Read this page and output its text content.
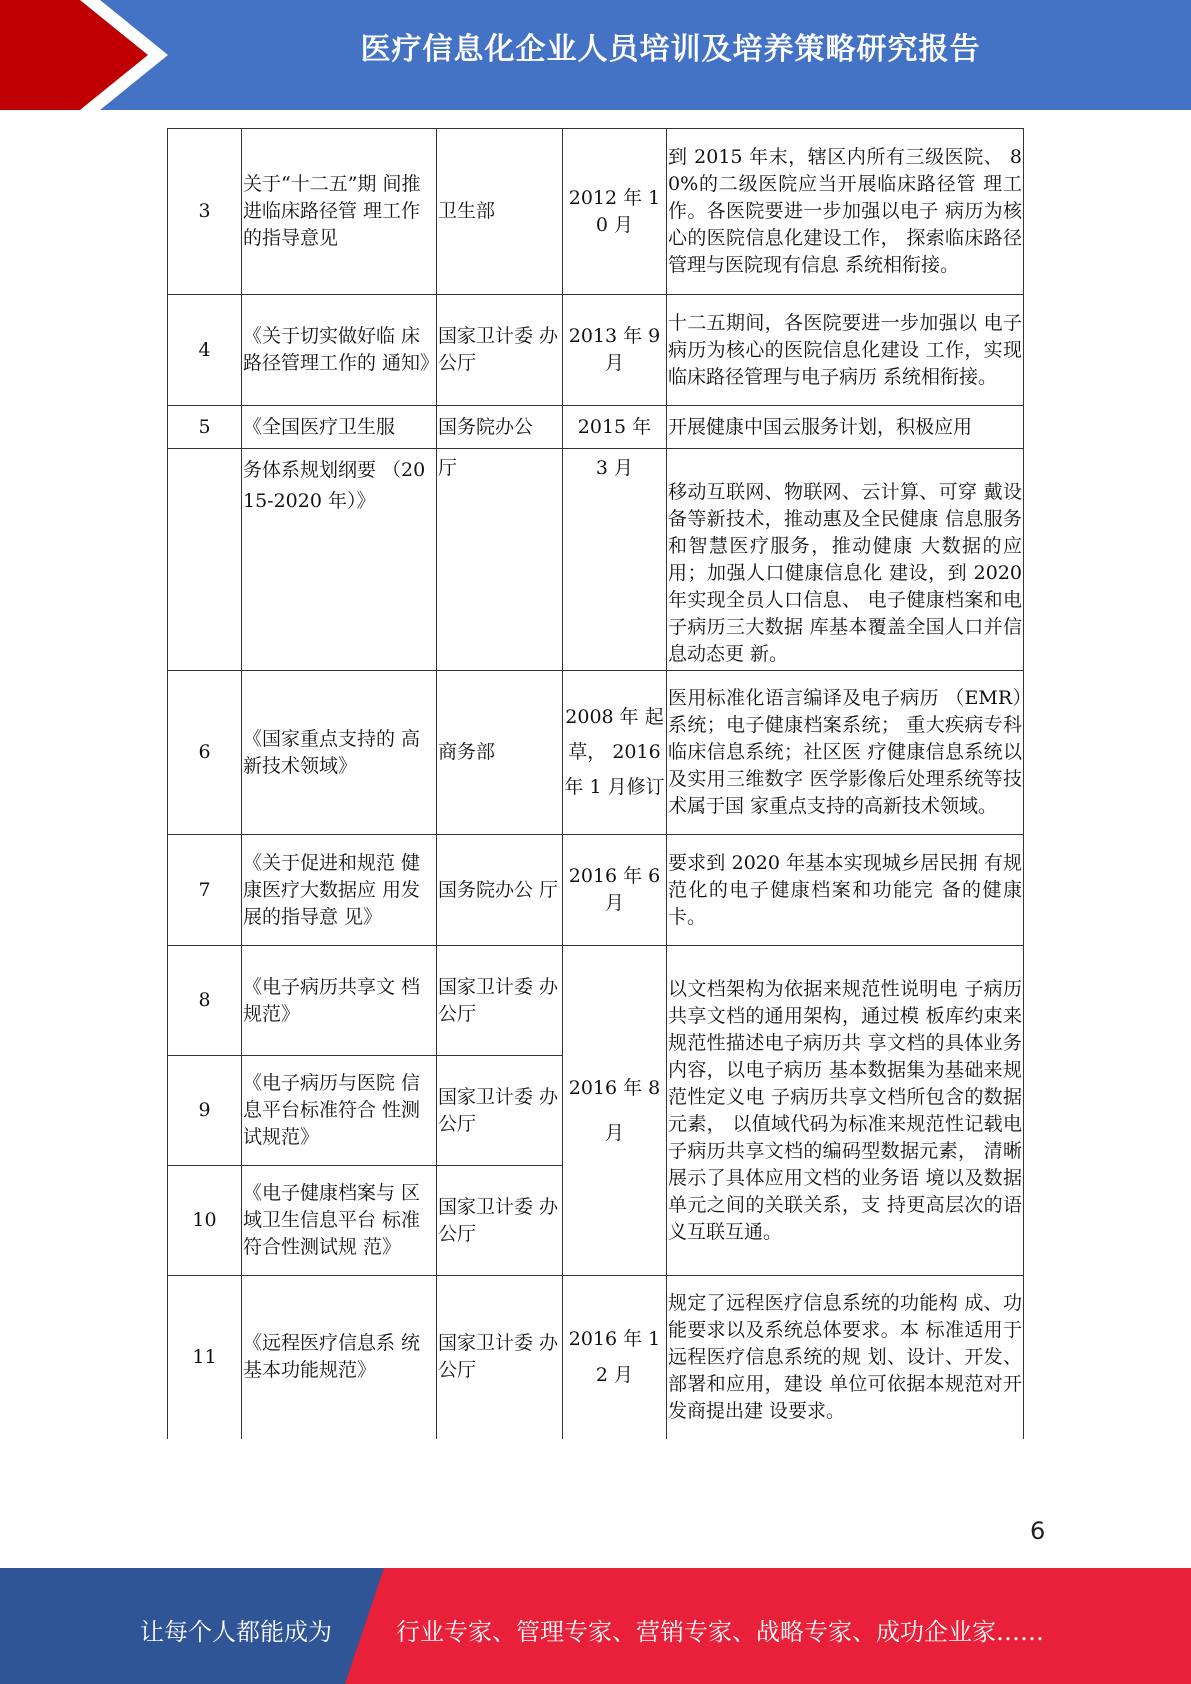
医疗信息化企业人员培训及培养策略研究报告
3	关于“十二五”期 间推进临床路径管 理工作的指导意见	卫生部	2012 年 10 月	到 2015 年末，辖区内所有三级医院、 80%的二级医院应当开展临床路径管 理工作。各医院要进一步加强以电子 病历为核心的医院信息化建设工作， 探索临床路径管理与医院现有信息 系统相衔接。
4	《关于切实做好临 床路径管理工作的 通知》	国家卫计委 办公厅	2013 年 9 月	十二五期间，各医院要进一步加强以 电子病历为核心的医院信息化建设 工作，实现临床路径管理与电子病历 系统相衔接。
5	《全国医疗卫生服	国务院办公	2015 年	开展健康中国云服务计划，积极应用
	务体系规划纲要 （2015-2020 年）》	厅	3 月	移动互联网、物联网、云计算、可穿 戴设备等新技术，推动惠及全民健康 信息服务和智慧医疗服务，推动健康 大数据的应用；加强人口健康信息化 建设，到 2020 年实现全员人口信息、 电子健康档案和电子病历三大数据 库基本覆盖全国人口并信息动态更 新。
6	《国家重点支持的 高新技术领域》	商务部	2008 年 起草， 2016 年 1 月修订	医用标准化语言编译及电子病历 （EMR）系统；电子健康档案系统； 重大疾病专科临床信息系统；社区医 疗健康信息系统以及实用三维数字 医学影像后处理系统等技术属于国 家重点支持的高新技术领域。
7	《关于促进和规范 健康医疗大数据应 用发展的指导意 见》	国务院办公 厅	2016 年 6 月	要求到 2020 年基本实现城乡居民拥 有规范化的电子健康档案和功能完 备的健康卡。
8	《电子病历共享文 档规范》	国家卫计委 办公厅	2016 年 8 月	以文档架构为依据来规范性说明电 子病历共享文档的通用架构，通过模 板库约束来规范性描述电子病历共 享文档的具体业务内容，以电子病历 基本数据集为基础来规范性定义电 子病历共享文档所包含的数据元素， 以值域代码为标准来规范性记载电 子病历共享文档的编码型数据元素， 清晰展示了具体应用文档的业务语 境以及数据单元之间的关联关系，支 持更高层次的语义互联互通。
9	《电子病历与医院 信息平台标准符合 性测试规范》	国家卫计委 办公厅		
10	《电子健康档案与 区域卫生信息平台 标准符合性测试规 范》	国家卫计委 办公厅		
11	《远程医疗信息系 统基本功能规范》	国家卫计委 办公厅	2016 年 12 月	规定了远程医疗信息系统的功能构 成、功能要求以及系统总体要求。本 标准适用于远程医疗信息系统的规 划、设计、开发、部署和应用，建设 单位可依据本规范对开发商提出建 设要求。
6
让每个人都能成为	行业专家、管理专家、营销专家、战略专家、成功企业家……
